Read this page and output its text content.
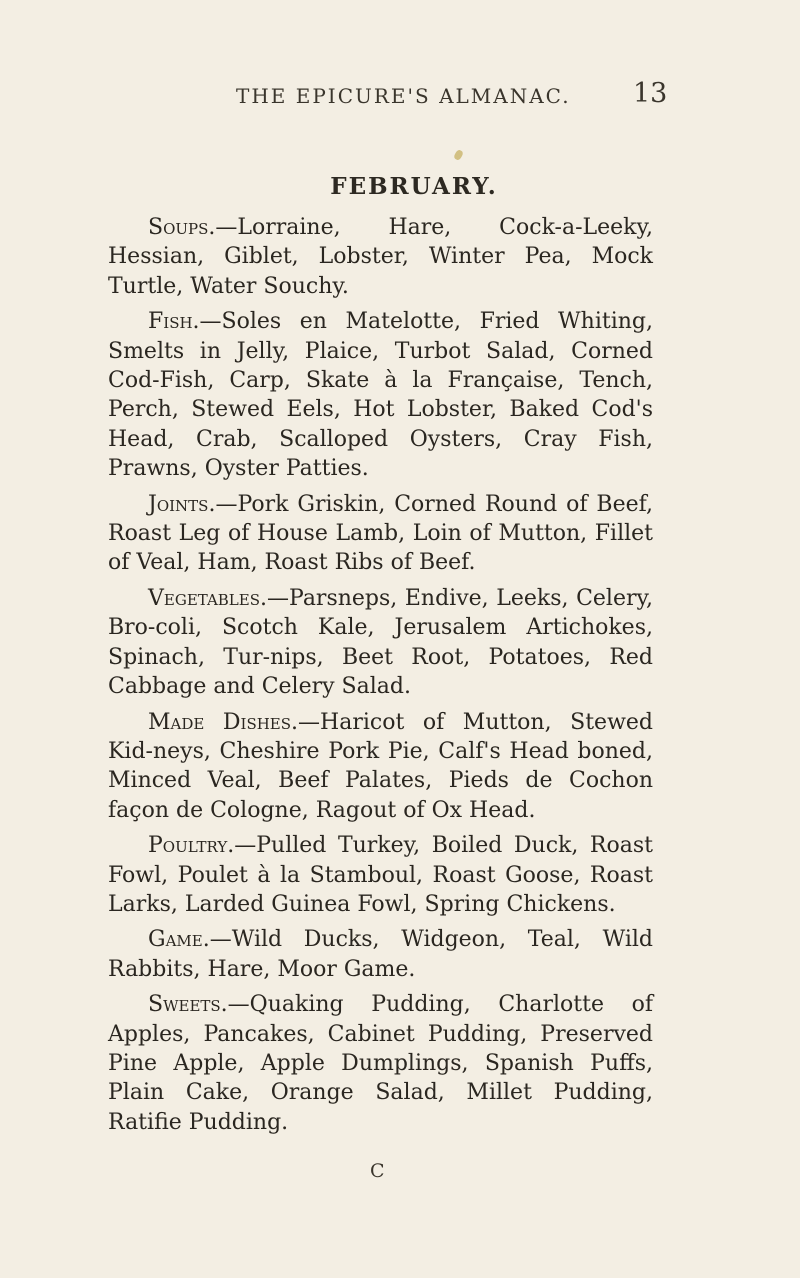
THE EPICURE'S ALMANAC. 13
FEBRUARY.

Soups.—Lorraine, Hare, Cock-a-Leeky, Hessian, Giblet, Lobster, Winter Pea, Mock Turtle, Water Souchy.

Fish.—Soles en Matelotte, Fried Whiting, Smelts in Jelly, Plaice, Turbot Salad, Corned Cod-Fish, Carp, Skate à la Française, Tench, Perch, Stewed Eels, Hot Lobster, Baked Cod's Head, Crab, Scalloped Oysters, Cray Fish, Prawns, Oyster Patties.

Joints.—Pork Griskin, Corned Round of Beef, Roast Leg of House Lamb, Loin of Mutton, Fillet of Veal, Ham, Roast Ribs of Beef.

Vegetables.—Parsneps, Endive, Leeks, Celery, Bro-coli, Scotch Kale, Jerusalem Artichokes, Spinach, Tur-nips, Beet Root, Potatoes, Red Cabbage and Celery Salad.

Made Dishes.—Haricot of Mutton, Stewed Kid-neys, Cheshire Pork Pie, Calf's Head boned, Minced Veal, Beef Palates, Pieds de Cochon façon de Cologne, Ragout of Ox Head.

Poultry.—Pulled Turkey, Boiled Duck, Roast Fowl, Poulet à la Stamboul, Roast Goose, Roast Larks, Larded Guinea Fowl, Spring Chickens.

Game.—Wild Ducks, Widgeon, Teal, Wild Rabbits, Hare, Moor Game.

Sweets.—Quaking Pudding, Charlotte of Apples, Pancakes, Cabinet Pudding, Preserved Pine Apple, Apple Dumplings, Spanish Puffs, Plain Cake, Orange Salad, Millet Pudding, Ratifie Pudding.

C
